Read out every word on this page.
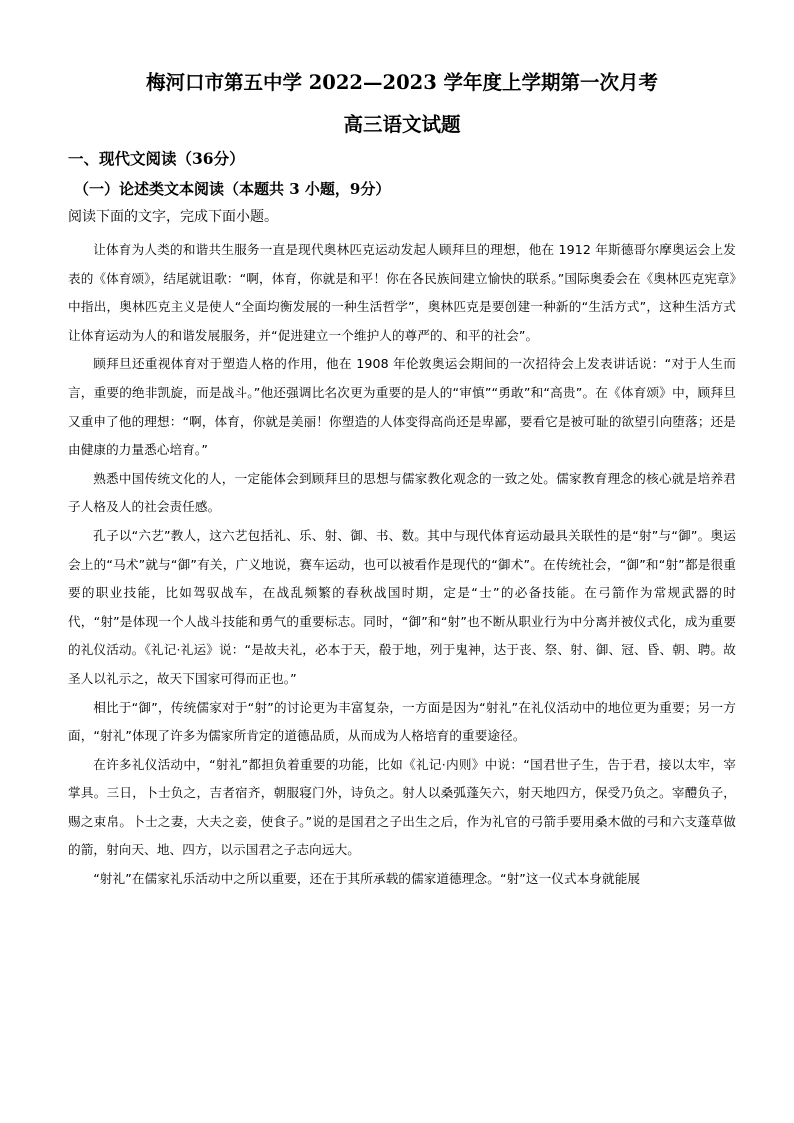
梅河口市第五中学 2022—2023 学年度上学期第一次月考
高三语文试题
一、现代文阅读（36分）
（一）论述类文本阅读（本题共 3 小题，9分）
阅读下面的文字，完成下面小题。

让体育为人类的和谐共生服务一直是现代奥林匹克运动发起人顾拜旦的理想，他在 1912 年斯德哥尔摩奥运会上发表的《体育颂》，结尾就诅歌：“啊，体育，你就是和平！你在各民族间建立愉快的联系。”国际奥委会在《奥林匹克宪章》中指出，奥林匹克主义是使人“全面均衡发展的一种生活哲学”，奥林匹克是要创建一种新的“生活方式”，这种生活方式让体育运动为人的和谐发展服务，并“促进建立一个维护人的尊严的、和平的社会”。

顾拜旦还重视体育对于塑造人格的作用，他在 1908 年伦敦奥运会期间的一次招待会上发表讲话说：“对于人生而言，重要的绝非凯旋，而是战斗。”他还强调比名次更为重要的是人的“审慎”“勇敢”和“高贵”。在《体育颂》中，顾拜旦又重申了他的理想：“啊，体育，你就是美丽！你塑造的人体变得高尚还是卑鄙，要看它是被可耻的欲望引向堕落；还是由健康的力量悉心培育。”

熟悉中国传统文化的人，一定能体会到顾拜旦的思想与儒家教化观念的一致之处。儒家教育理念的核心就是培养君子人格及人的社会责任感。

孔子以“六艺”教人，这六艺包括礼、乐、射、御、书、数。其中与现代体育运动最具关联性的是“射”与“御”。奥运会上的“马术”就与“御”有关，广义地说，赛车运动，也可以被看作是现代的“御术”。在传统社会，“御”和“射”都是很重要的职业技能，比如驾驭战车，在战乱频繁的春秋战国时期，定是“士”的必备技能。在弓箭作为常规武器的时代，“射”是体现一个人战斗技能和勇气的重要标志。同时，“御”和“射”也不断从职业行为中分离并被仪式化，成为重要的礼仪活动。《礼记·礼运》说：“是故夫礼，必本于天，殽于地，列于鬼神，达于丧、祭、射、御、冠、昏、朝、聘。故圣人以礼示之，故天下国家可得而正也。”

相比于“御”，传统儒家对于“射”的讨论更为丰富复杂，一方面是因为“射礼”在礼仪活动中的地位更为重要；另一方面，“射礼”体现了许多为儒家所肯定的道德品质，从而成为人格培育的重要途径。

在许多礼仪活动中，“射礼”都担负着重要的功能，比如《礼记·内则》中说：“国君世子生，告于君，接以太牢，宰掌具。三日，卜士负之，吉者宿齐，朝服寝门外，诗负之。射人以桑弧蓬矢六，射天地四方，保受乃负之。宰醴负子，赐之束帛。卜士之妻，大夫之妾，使食子。”说的是国君之子出生之后，作为礼官的弓箭手要用桑木做的弓和六支蓬草做的箭，射向天、地、四方，以示国君之子志向远大。

“射礼”在儒家礼乐活动中之所以重要，还在于其所承载的儒家道德理念。“射”这一仪式本身就能展
